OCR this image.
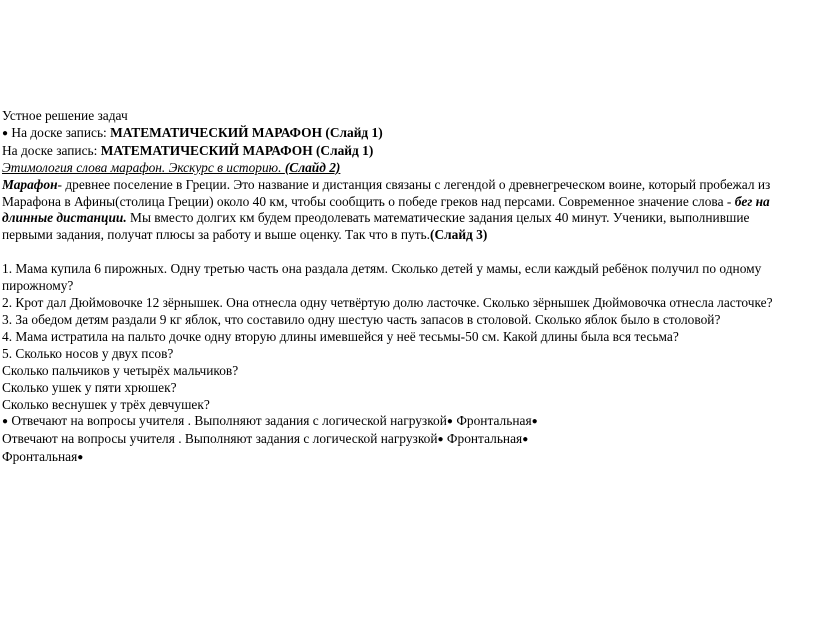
Устное решение задач
● На доске запись: МАТЕМАТИЧЕСКИЙ МАРАФОН (Слайд 1)
На доске запись: МАТЕМАТИЧЕСКИЙ МАРАФОН (Слайд 1)
Этимология слова марафон. Экскурс в историю. (Слайд 2)
Марафон- древнее поселение в Греции. Это название и дистанция связаны с легендой о древнегреческом воине, который пробежал из Марафона в Афины(столица Греции) около 40 км, чтобы сообщить о победе греков над персами. Современное значение слова - бег на длинные дистанции. Мы вместо долгих км будем преодолевать математические задания целых 40 минут. Ученики, выполнившие первыми задания, получат плюсы за работу и выше оценку. Так что в путь.(Слайд 3)
1. Мама купила 6 пирожных. Одну третью часть она раздала детям. Сколько детей у мамы, если каждый ребёнок получил по одному пирожному?
2. Крот дал Дюймовочке 12 зёрнышек. Она отнесла одну четвёртую долю ласточке. Сколько зёрнышек Дюймовочка отнесла ласточке?
3. За обедом детям раздали 9 кг яблок, что составило одну шестую часть запасов в столовой. Сколько яблок было в столовой?
4. Мама истратила на пальто дочке одну вторую длины имевшейся у неё тесьмы-50 см. Какой длины была вся тесьма?
5. Сколько носов у двух псов?
Сколько пальчиков у четырёх мальчиков?
Сколько ушек у пяти хрюшек?
Сколько веснушек у трёх девчушек?
● Отвечают на вопросы учителя . Выполняют задания с логической нагрузкой● Фронтальная●
Отвечают на вопросы учителя . Выполняют задания с логической нагрузкой● Фронтальная●
Фронтальная●
